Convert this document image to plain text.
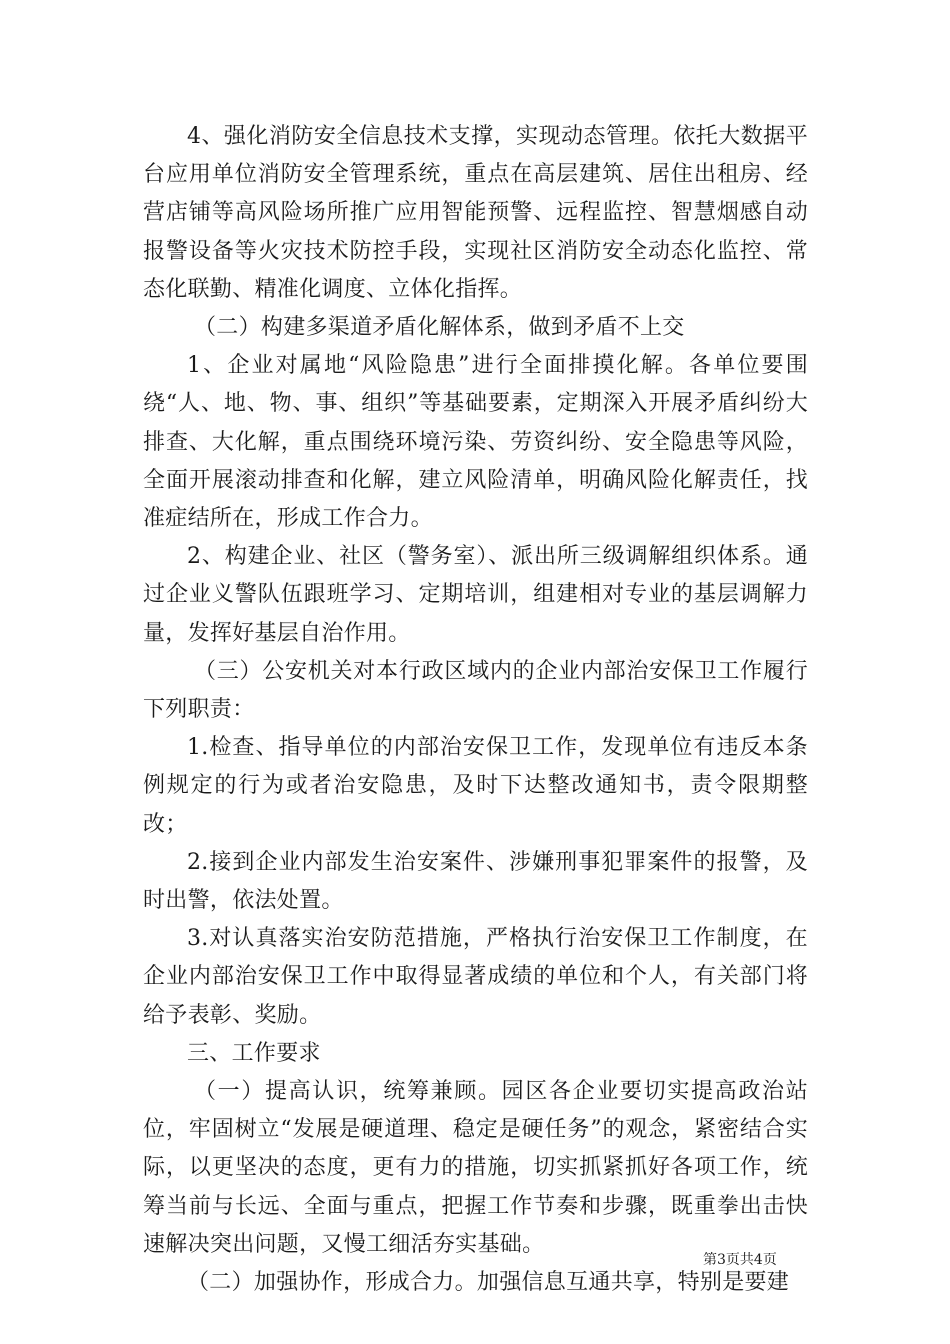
4、强化消防安全信息技术支撑，实现动态管理。依托大数据平台应用单位消防安全管理系统，重点在高层建筑、居住出租房、经营店铺等高风险场所推广应用智能预警、远程监控、智慧烟感自动报警设备等火灾技术防控手段，实现社区消防安全动态化监控、常态化联勤、精准化调度、立体化指挥。

（二）构建多渠道矛盾化解体系，做到矛盾不上交

1、企业对属地“风险隐患”进行全面排摸化解。各单位要围绕“人、地、物、事、组织”等基础要素，定期深入开展矛盾纠纷大排查、大化解，重点围绕环境污染、劳资纠纷、安全隐患等风险，全面开展滚动排查和化解，建立风险清单，明确风险化解责任，找准症结所在，形成工作合力。

2、构建企业、社区（警务室）、派出所三级调解组织体系。通过企业义警队伍跟班学习、定期培训，组建相对专业的基层调解力量，发挥好基层自治作用。

（三）公安机关对本行政区域内的企业内部治安保卫工作履行下列职责：

1.检查、指导单位的内部治安保卫工作，发现单位有违反本条例规定的行为或者治安隐患，及时下达整改通知书，责令限期整改；

2.接到企业内部发生治安案件、涉嫌刑事犯罪案件的报警，及时出警，依法处置。

3.对认真落实治安防范措施，严格执行治安保卫工作制度，在企业内部治安保卫工作中取得显著成绩的单位和个人，有关部门将给予表彰、奖励。

三、工作要求

（一）提高认识，统筹兼顾。园区各企业要切实提高政治站位，牢固树立“发展是硬道理、稳定是硬任务”的观念，紧密结合实际，以更坚决的态度，更有力的措施，切实抓紧抓好各项工作，统筹当前与长远、全面与重点，把握工作节奏和步骤，既重拳出击快速解决突出问题，又慢工细活夯实基础。

（二）加强协作，形成合力。加强信息互通共享，特别是要建

第3页共4页
